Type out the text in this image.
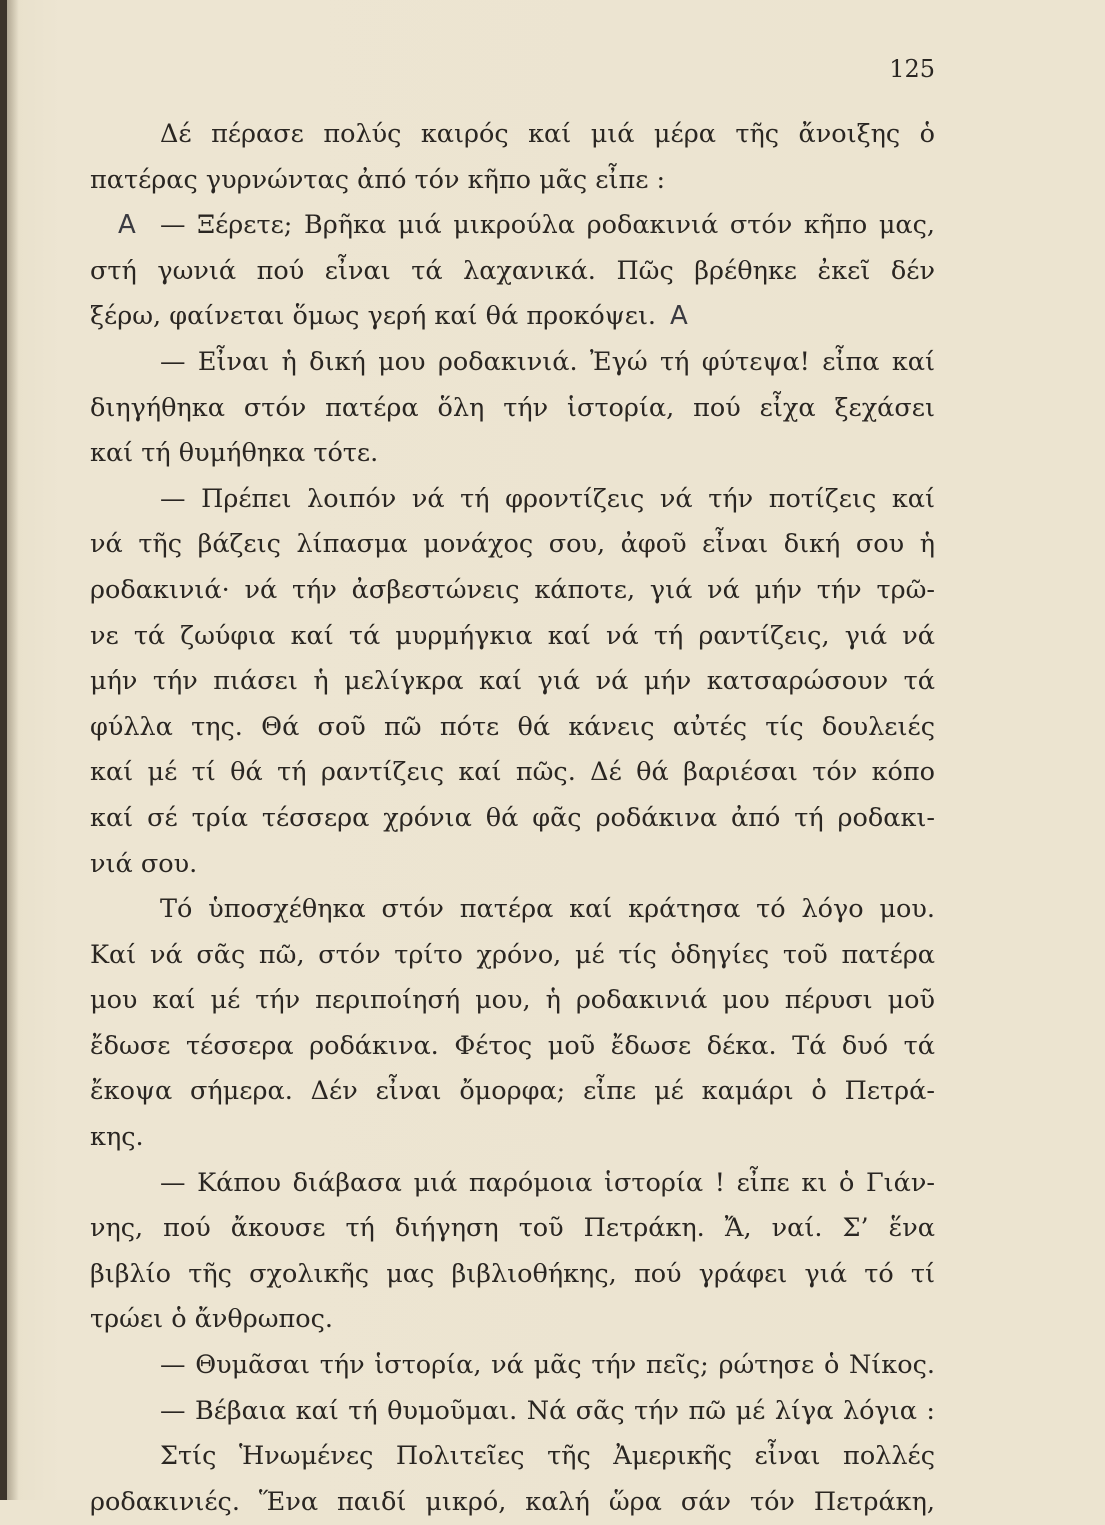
125
Δέ πέρασε πολύς καιρός καί μιά μέρα τῆς ἄνοιξης ὁ
πατέρας γυρνώντας ἀπό τόν κῆπο μᾶς εἶπε :
— Ξέρετε; Βρῆκα μιά μικρούλα ροδακινιά στόν κῆπο μας,
A
στή γωνιά πού εἶναι τά λαχανικά. Πῶς βρέθηκε ἐκεῖ δέν
ξέρω, φαίνεται ὅμως γερή καί θά προκόψει. A
— Εἶναι ἡ δική μου ροδακινιά. Ἐγώ τή φύτεψα! εἶπα καί
διηγήθηκα στόν πατέρα ὅλη τήν ἱστορία, πού εἶχα ξεχάσει
καί τή θυμήθηκα τότε.
— Πρέπει λοιπόν νά τή φροντίζεις νά τήν ποτίζεις καί
νά τῆς βάζεις λίπασμα μονάχος σου, ἀφοῦ εἶναι δική σου ἡ
ροδακινιά· νά τήν ἀσβεστώνεις κάποτε, γιά νά μήν τήν τρῶ-
νε τά ζωύφια καί τά μυρμήγκια καί νά τή ραντίζεις, γιά νά
μήν τήν πιάσει ἡ μελίγκρα καί γιά νά μήν κατσαρώσουν τά
φύλλα της. Θά σοῦ πῶ πότε θά κάνεις αὐτές τίς δουλειές
καί μέ τί θά τή ραντίζεις καί πῶς. Δέ θά βαριέσαι τόν κόπο
καί σέ τρία τέσσερα χρόνια θά φᾶς ροδάκινα ἀπό τή ροδακι-
νιά σου.
Τό ὑποσχέθηκα στόν πατέρα καί κράτησα τό λόγο μου.
Καί νά σᾶς πῶ, στόν τρίτο χρόνο, μέ τίς ὁδηγίες τοῦ πατέρα
μου καί μέ τήν περιποίησή μου, ἡ ροδακινιά μου πέρυσι μοῦ
ἔδωσε τέσσερα ροδάκινα. Φέτος μοῦ ἔδωσε δέκα. Τά δυό τά
ἔκοψα σήμερα. Δέν εἶναι ὄμορφα; εἶπε μέ καμάρι ὁ Πετρά-
κης.
— Κάπου διάβασα μιά παρόμοια ἱστορία ! εἶπε κι ὁ Γιάν-
νης, πού ἄκουσε τή διήγηση τοῦ Πετράκη. Ἄ, ναί. Σ’ ἕνα
βιβλίο τῆς σχολικῆς μας βιβλιοθήκης, πού γράφει γιά τό τί
τρώει ὁ ἄνθρωπος.
— Θυμᾶσαι τήν ἱστορία, νά μᾶς τήν πεῖς; ρώτησε ὁ Νίκος.
— Βέβαια καί τή θυμοῦμαι. Νά σᾶς τήν πῶ μέ λίγα λόγια :
Στίς Ἡνωμένες Πολιτεῖες τῆς Ἀμερικῆς εἶναι πολλές
ροδακινιές. Ἕνα παιδί μικρό, καλή ὥρα σάν τόν Πετράκη,
